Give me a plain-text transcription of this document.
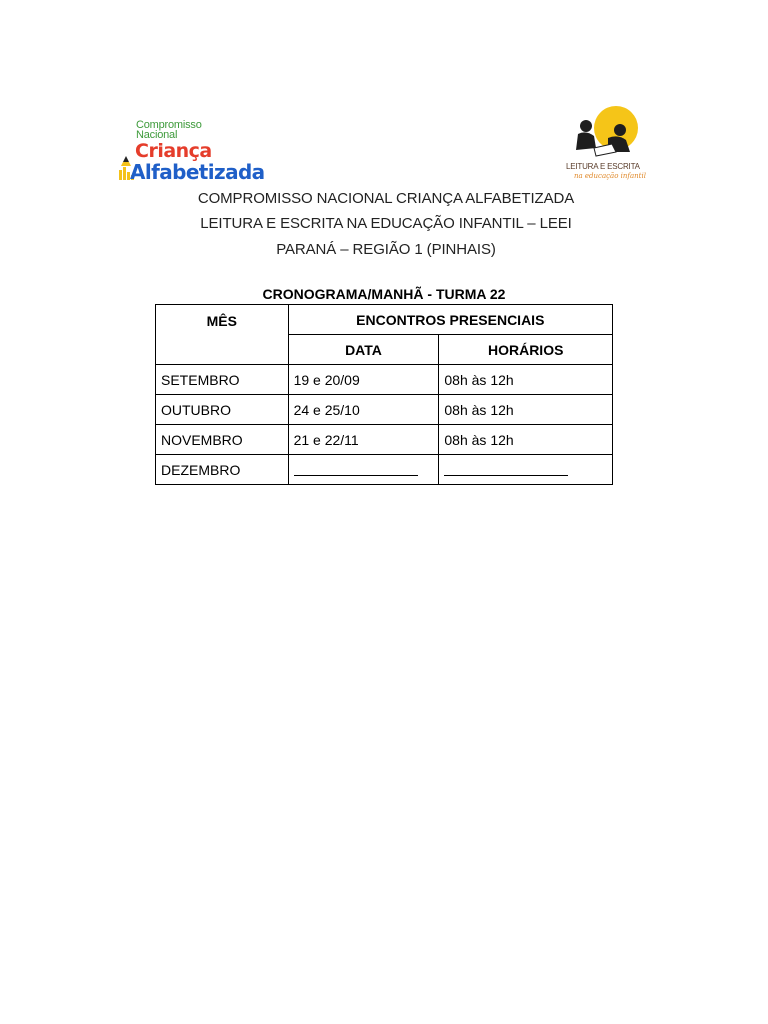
Compromisso
Nacional
Criança
Alfabetizada	LEITURA E ESCRITA
na educação infantil
COMPROMISSO NACIONAL CRIANÇA ALFABETIZADA
LEITURA E ESCRITA NA EDUCAÇÃO INFANTIL – LEEI
PARANÁ – REGIÃO 1 (PINHAIS)
CRONOGRAMA/MANHÃ - TURMA 22
MÊS	ENCONTROS PRESENCIAIS	
	DATA	HORÁRIOS
SETEMBRO	19 e 20/09	08h às 12h
OUTUBRO	24 e 25/10	08h às 12h
NOVEMBRO	21 e 22/11	08h às 12h
DEZEMBRO		
